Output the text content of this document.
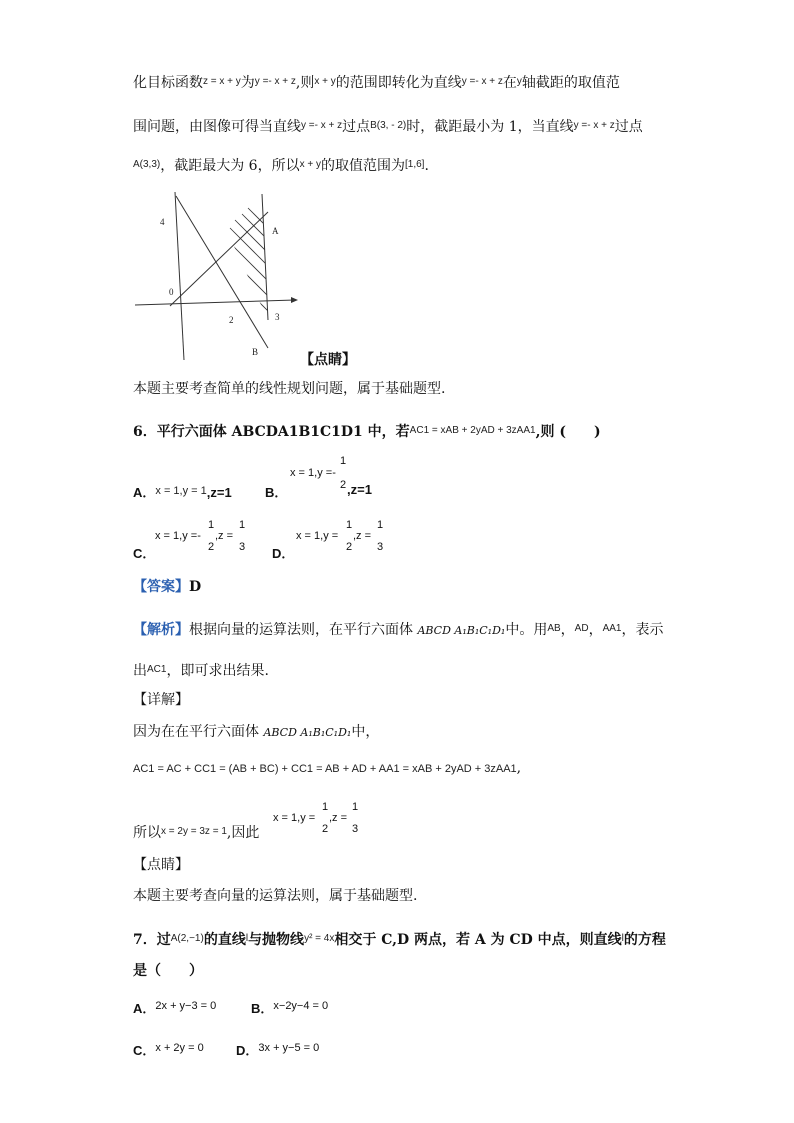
化目标函数$^{z = x + y}$为$^{y =- x + z}$,则$^{x + y}$的范围即转化为直线$^{y =- x + z}$在$^y$轴截距的取值范
围问题，由图像可得当直线$^{y =- x + z}$过点$^{B(3, - 2)}$时，截距最小为 1，当直线$^{y =- x + z}$过点
$^{A(3,3)}$，截距最大为 6，所以$^{x + y}$的取值范围为[1,6].
4
0
2	3
A
B	【点睛】
本题主要考查简单的线性规划问题，属于基础题型.
6．平行六面体 ABCDA1B1C1D1 中，若$^{AC1 = xAB + 2yAD + 3zAA1}$,则 (　　)
A．$^{x = 1,y = 1}$,z=1	B．
x = 1,y =-
1
2 ,z=1
C．
x = 1,y =-
1
2
,z =
1
3 D．
x = 1,y =
1
2
,z =
1
3
【答案】D
【解析】根据向量的运算法则，在平行六面体 ABCD A₁B₁C₁D₁中。用$^{AB}$，$^{AD}$，$^{AA1}$，表示
出$^{AC1}$，即可求出结果.
【详解】
因为在在平行六面体 ABCD A₁B₁C₁D₁中，
AC1 = AC + CC1 = (AB + BC) + CC1 = AB + AD + AA1 = xAB + 2yAD + 3zAA1,
所以$^{x = 2y = 3z = 1}$,因此
x = 1,y =
1
2
,z =
1
3
【点睛】
本题主要考查向量的运算法则，属于基础题型.
7．过$^{A(2,-1)}$的直线$^l$与抛物线$^{y^2 = 4x}$相交于 C,D 两点，若 A 为 CD 中点，则直线$^l$的方程
是（　　）
A．2x + y−3 = 0	B．x−2y−4 = 0
C．x + 2y = 0 D．3x + y−5 = 0
